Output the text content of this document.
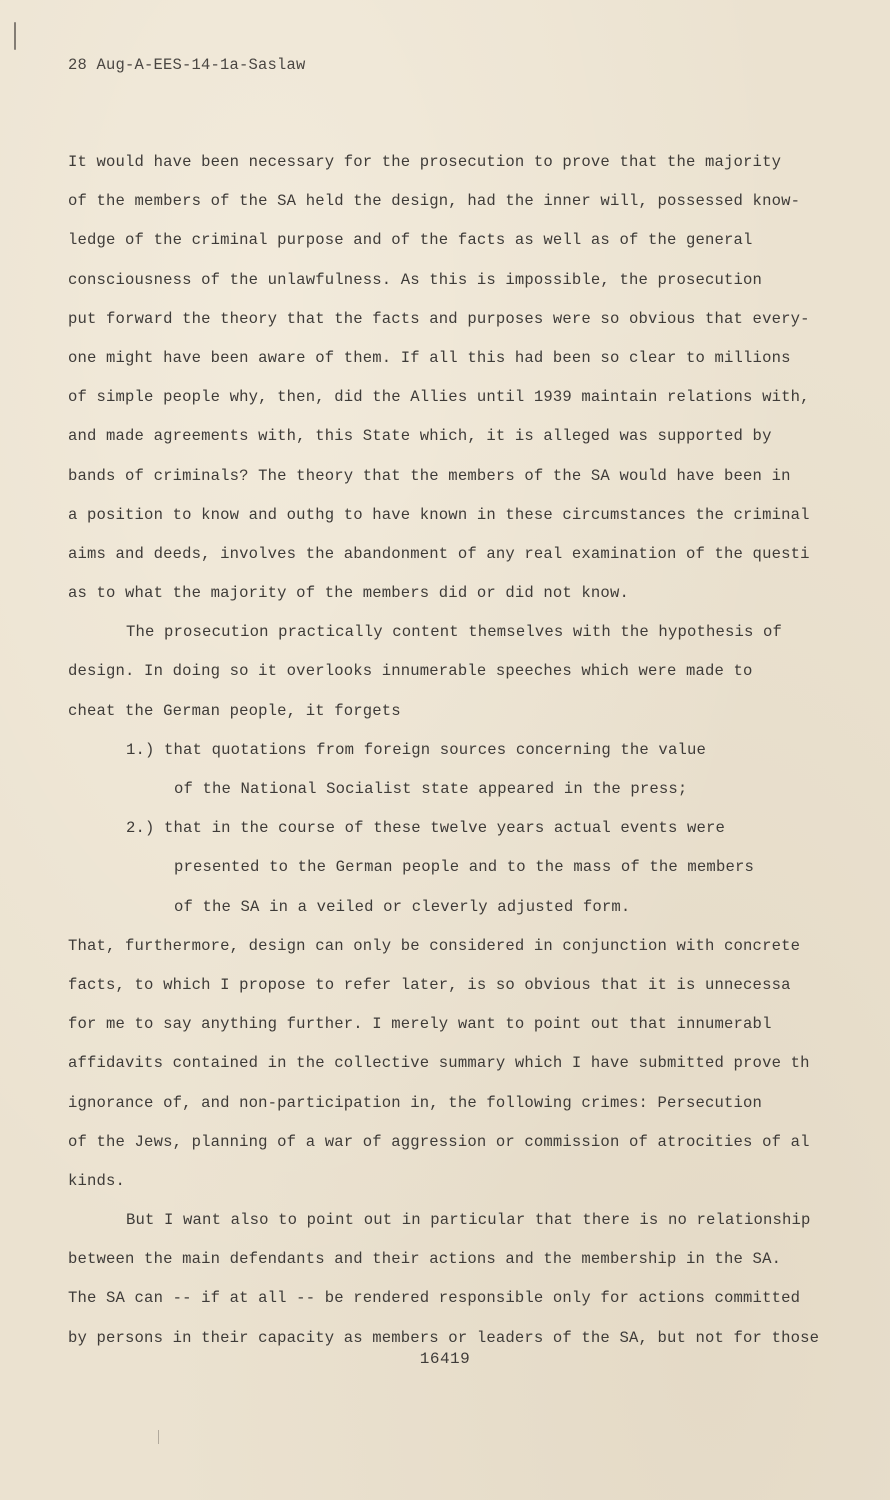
28 Aug-A-EES-14-1a-Saslaw
It would have been necessary for the prosecution to prove that the majority
of the members of the SA held the design, had the inner will, possessed know-
ledge of the criminal purpose and of the facts as well as of the general
consciousness of the unlawfulness. As this is impossible, the prosecution
put forward the theory that the facts and purposes were so obvious that every-
one might have been aware of them. If all this had been so clear to millions
of simple people why, then, did the Allies until 1939 maintain relations with,
and made agreements with, this State which, it is alleged was supported by
bands of criminals? The theory that the members of the SA would have been in
a position to know and outhg to have known in these circumstances the criminal
aims and deeds, involves the abandonment of any real examination of the questi
as to what the majority of the members did or did not know.
The prosecution practically content themselves with the hypothesis of
design. In doing so it overlooks innumerable speeches which were made to
cheat the German people, it forgets
1.) that quotations from foreign sources concerning the value
of the National Socialist state appeared in the press;
2.) that in the course of these twelve years actual events were
presented to the German people and to the mass of the members
of the SA in a veiled or cleverly adjusted form.
That, furthermore, design can only be considered in conjunction with concrete
facts, to which I propose to refer later, is so obvious that it is unnecessa
for me to say anything further. I merely want to point out that innumerabl
affidavits contained in the collective summary which I have submitted prove th
ignorance of, and non-participation in, the following crimes: Persecution
of the Jews, planning of a war of aggression or commission of atrocities of al
kinds.
But I want also to point out in particular that there is no relationship
between the main defendants and their actions and the membership in the SA.
The SA can -- if at all -- be rendered responsible only for actions committed
by persons in their capacity as members or leaders of the SA, but not for those
16419
